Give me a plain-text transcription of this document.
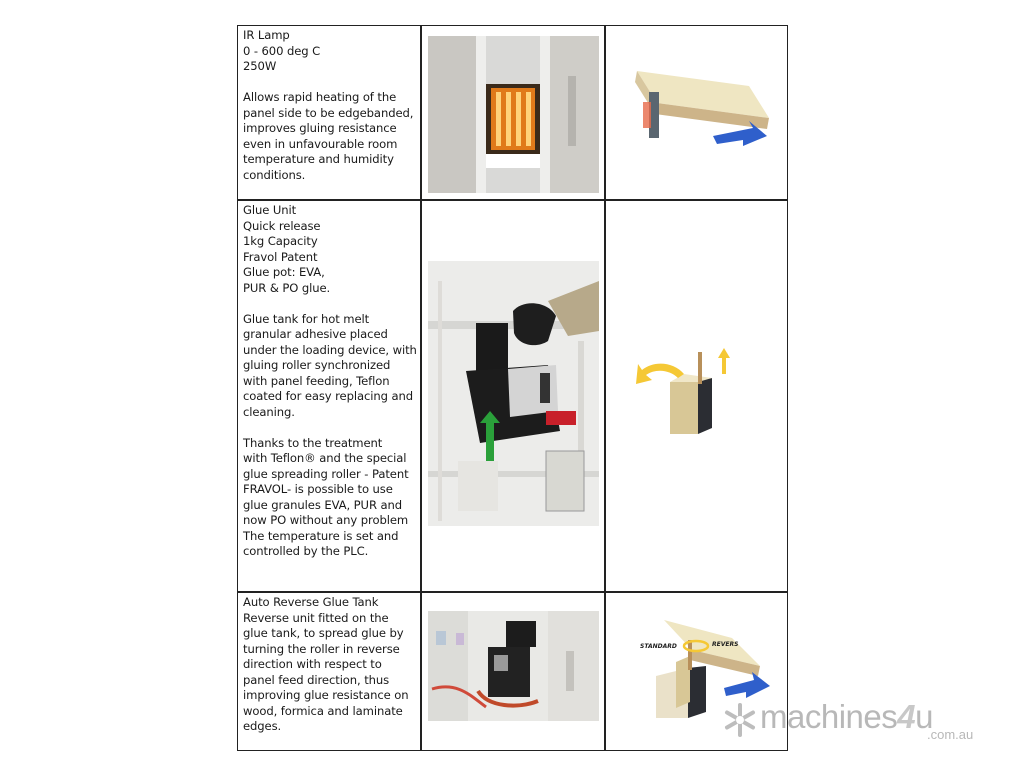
IR Lamp

0 - 600 deg C

250W

Allows rapid heating of the

panel side to be edgebanded,

improves gluing resistance

even in unfavourable room

temperature and humidity

conditions.

Glue Unit

Quick release

1kg Capacity

Fravol Patent

Glue pot: EVA,

PUR & PO glue.

Glue tank for hot melt

granular adhesive placed

under the loading device, with

gluing roller synchronized

with panel feeding, Teflon

coated for easy replacing and

cleaning.

Thanks to the treatment

with Teflon® and the special

glue spreading roller - Patent

FRAVOL- is possible to use

glue granules EVA, PUR and

now PO without any problem

The temperature is set and

controlled by the PLC.

Auto Reverse Glue Tank

Reverse unit fitted on the

glue tank, to spread glue by

turning the roller in reverse

direction with respect to

panel feed direction, thus

improving glue resistance on

wood, formica and laminate

edges.

STANDARD	REVERS
machines4u
.com.au
